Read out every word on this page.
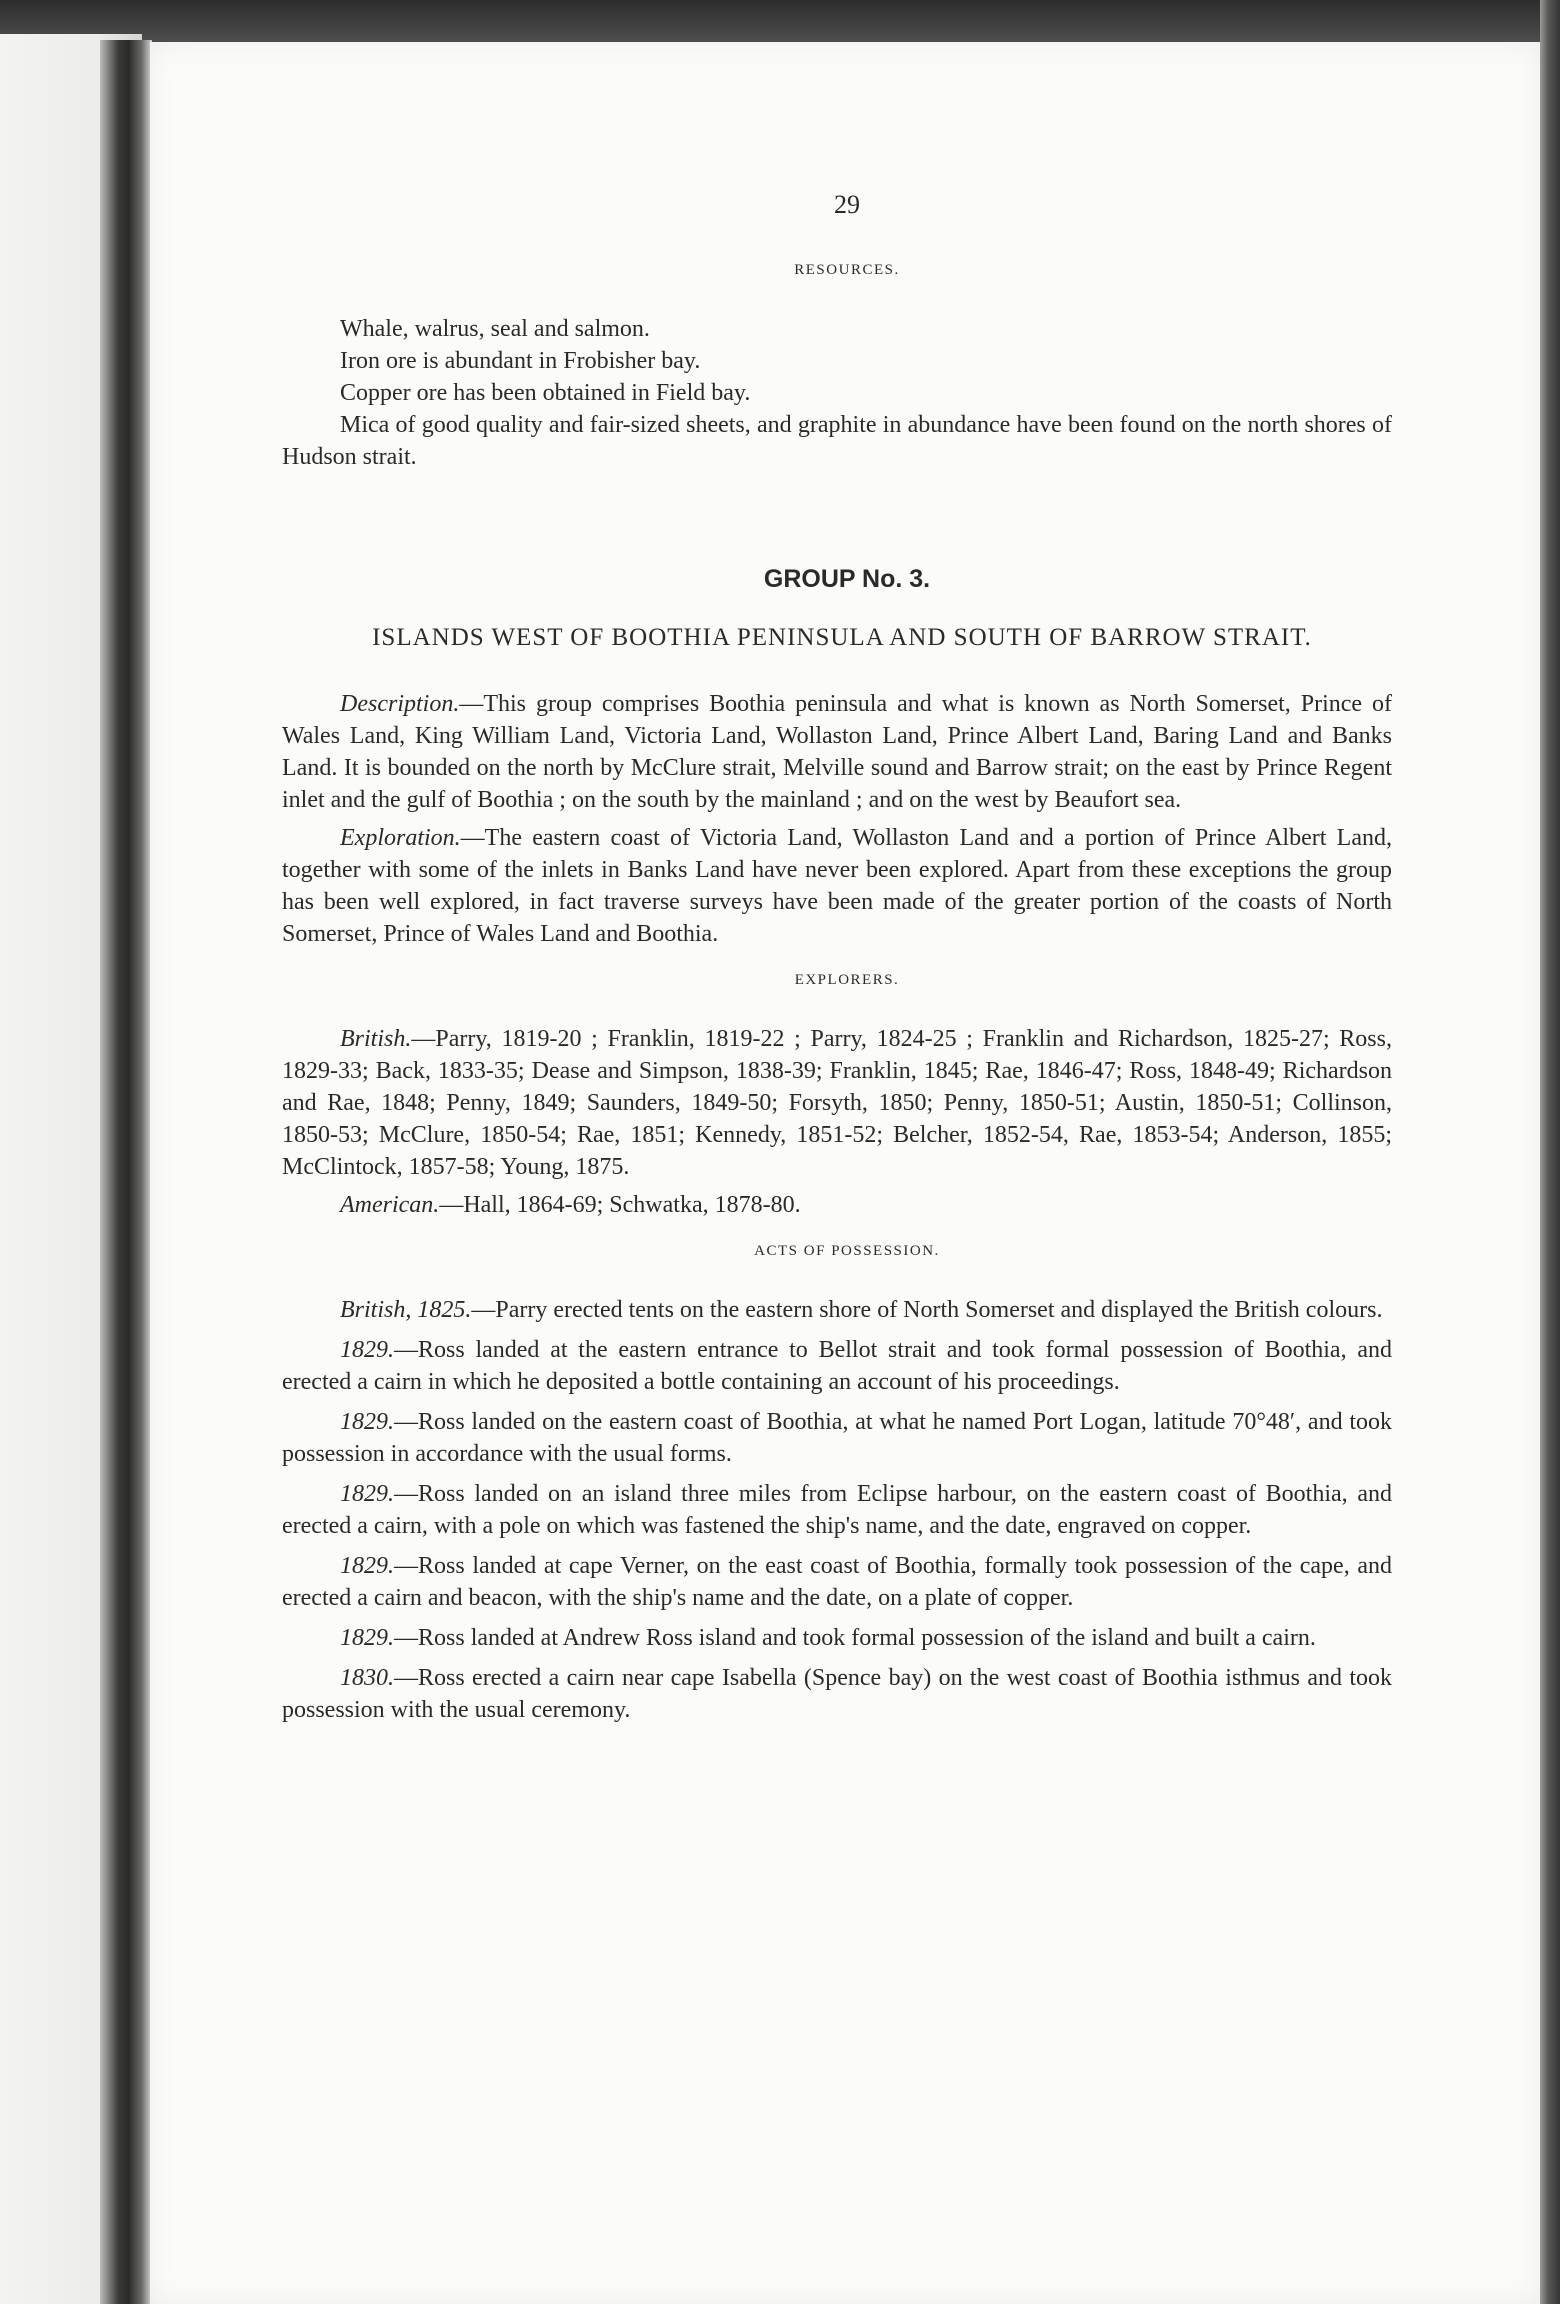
29
RESOURCES.

Whale, walrus, seal and salmon.

Iron ore is abundant in Frobisher bay.

Copper ore has been obtained in Field bay.

Mica of good quality and fair-sized sheets, and graphite in abundance have been found on the north shores of Hudson strait.

GROUP No. 3.
ISLANDS WEST OF BOOTHIA PENINSULA AND SOUTH OF BARROW STRAIT.

Description.—This group comprises Boothia peninsula and what is known as North Somerset, Prince of Wales Land, King William Land, Victoria Land, Wollaston Land, Prince Albert Land, Baring Land and Banks Land. It is bounded on the north by McClure strait, Melville sound and Barrow strait; on the east by Prince Regent inlet and the gulf of Boothia ; on the south by the mainland ; and on the west by Beaufort sea.

Exploration.—The eastern coast of Victoria Land, Wollaston Land and a portion of Prince Albert Land, together with some of the inlets in Banks Land have never been explored. Apart from these exceptions the group has been well explored, in fact traverse surveys have been made of the greater portion of the coasts of North Somerset, Prince of Wales Land and Boothia.

EXPLORERS.

British.—Parry, 1819-20 ; Franklin, 1819-22 ; Parry, 1824-25 ; Franklin and Richardson, 1825-27; Ross, 1829-33; Back, 1833-35; Dease and Simpson, 1838-39; Franklin, 1845; Rae, 1846-47; Ross, 1848-49; Richardson and Rae, 1848; Penny, 1849; Saunders, 1849-50; Forsyth, 1850; Penny, 1850-51; Austin, 1850-51; Collinson, 1850-53; McClure, 1850-54; Rae, 1851; Kennedy, 1851-52; Belcher, 1852-54, Rae, 1853-54; Anderson, 1855; McClintock, 1857-58; Young, 1875.

American.—Hall, 1864-69; Schwatka, 1878-80.

ACTS OF POSSESSION.

British, 1825.—Parry erected tents on the eastern shore of North Somerset and displayed the British colours.

1829.—Ross landed at the eastern entrance to Bellot strait and took formal possession of Boothia, and erected a cairn in which he deposited a bottle containing an account of his proceedings.

1829.—Ross landed on the eastern coast of Boothia, at what he named Port Logan, latitude 70°48′, and took possession in accordance with the usual forms.

1829.—Ross landed on an island three miles from Eclipse harbour, on the eastern coast of Boothia, and erected a cairn, with a pole on which was fastened the ship's name, and the date, engraved on copper.

1829.—Ross landed at cape Verner, on the east coast of Boothia, formally took possession of the cape, and erected a cairn and beacon, with the ship's name and the date, on a plate of copper.

1829.—Ross landed at Andrew Ross island and took formal possession of the island and built a cairn.

1830.—Ross erected a cairn near cape Isabella (Spence bay) on the west coast of Boothia isthmus and took possession with the usual ceremony.
